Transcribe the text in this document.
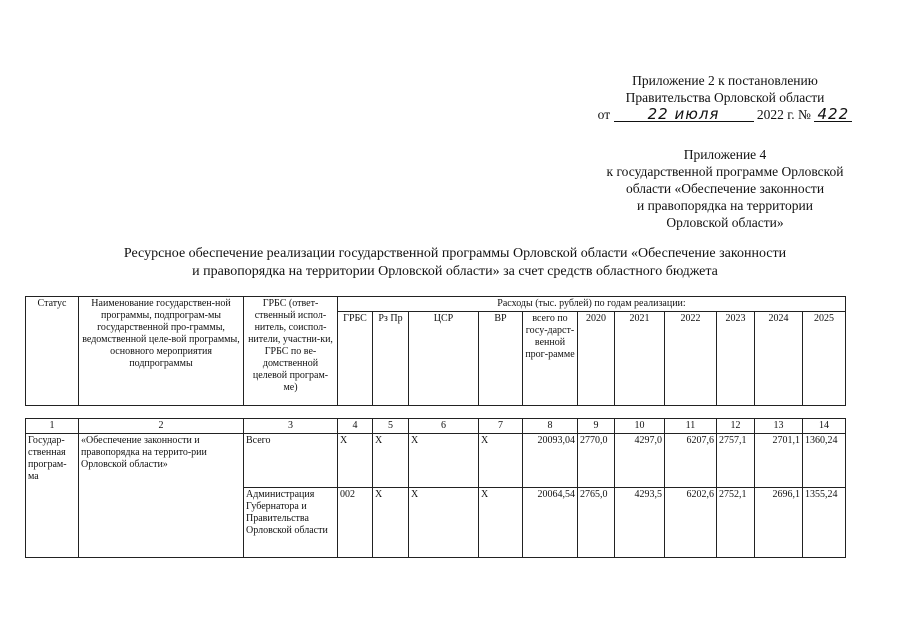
Приложение 2 к постановлению
Правительства Орловской области
от 22 июля	2022 г. № 422
Приложение 4
к государственной программе Орловской
области «Обеспечение законности
и правопорядка на территории
Орловской области»
Ресурсное обеспечение реализации государственной программы Орловской области «Обеспечение законности
и правопорядка на территории Орловской области» за счет средств областного бюджета
Статус	Наименование государствен-ной программы, подпрограм-мы государственной про-граммы, ведомственной целе-вой программы, основного мероприятия подпрограммы	ГРБС (ответ-ственный испол-нитель, соиспол-нители, участни-ки, ГРБС по ве-домственной целевой програм-ме)	Расходы (тыс. рублей) по годам реализации:										
			ГРБС	Рз Пр	ЦСР	ВР	всего по госу-дарст-венной прог-рамме	2020	2021	2022	2023	2024	2025
1	2	3	4	5	6	7	8	9	10	11	12	13	14
Государ-ственная програм-ма	«Обеспечение законности и правопорядка на террито-рии Орловской области»	Всего	Х	Х	Х	Х	20093,04	2770,0	4297,0	6207,6	2757,1	2701,1	1360,24
		Администрация Губернатора и Правительства Орловской области	002	Х	Х	Х	20064,54	2765,0	4293,5	6202,6	2752,1	2696,1	1355,24
